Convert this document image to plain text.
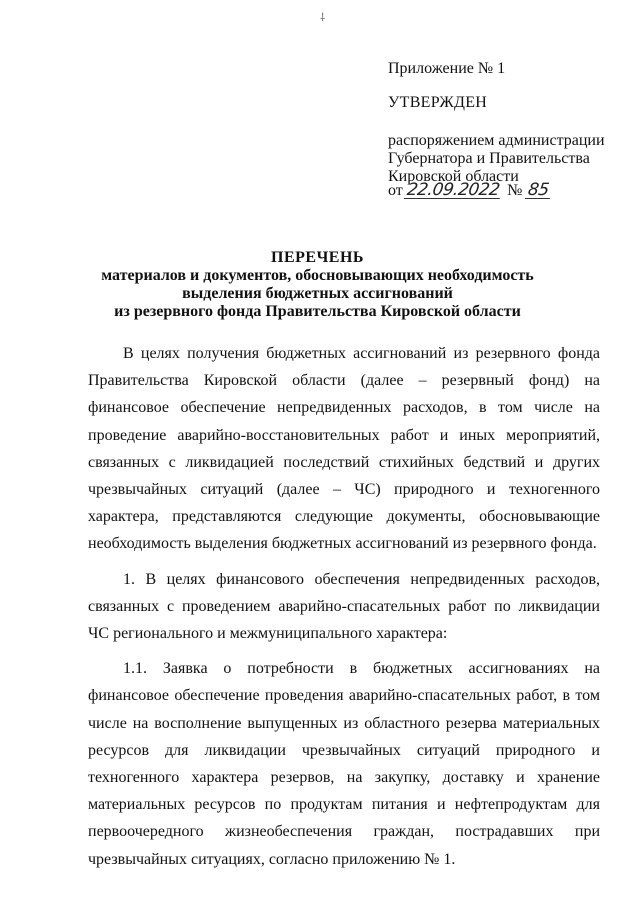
⸸
Приложение № 1
УТВЕРЖДЕН
распоряжением администрации
Губернатора и Правительства
Кировской области
от 22.09.2022 № 85
ПЕРЕЧЕНЬ
материалов и документов, обосновывающих необходимость
выделения бюджетных ассигнований
из резервного фонда Правительства Кировской области

В целях получения бюджетных ассигнований из резервного фонда Правительства Кировской области (далее – резервный фонд) на финансовое обеспечение непредвиденных расходов, в том числе на проведение аварийно-восстановительных работ и иных мероприятий, связанных с ликвидацией последствий стихийных бедствий и других чрезвычайных ситуаций (далее – ЧС) природного и техногенного характера, представляются следующие документы, обосновывающие необходимость выделения бюджетных ассигнований из резервного фонда.

1. В целях финансового обеспечения непредвиденных расходов, связанных с проведением аварийно-спасательных работ по ликвидации ЧС регионального и межмуниципального характера:

1.1. Заявка о потребности в бюджетных ассигнованиях на финансовое обеспечение проведения аварийно-спасательных работ, в том числе на восполнение выпущенных из областного резерва материальных ресурсов для ликвидации чрезвычайных ситуаций природного и техногенного характера резервов, на закупку, доставку и хранение материальных ресурсов по продуктам питания и нефтепродуктам для первоочередного жизнеобеспечения граждан, пострадавших при чрезвычайных ситуациях, согласно приложению № 1.
